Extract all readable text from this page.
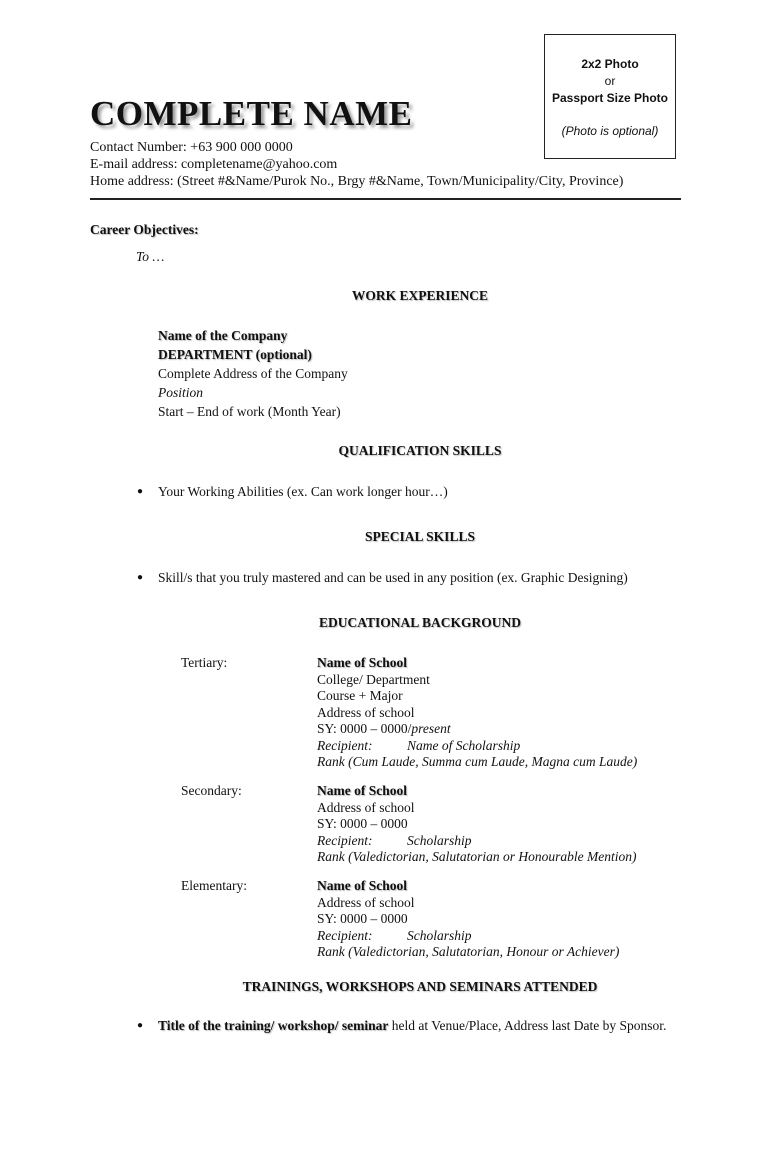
2x2 Photo
or
Passport Size Photo
(Photo is optional)
COMPLETE NAME
Contact Number: +63 900 000 0000
E-mail address: completename@yahoo.com
Home address: (Street #&Name/Purok No., Brgy #&Name, Town/Municipality/City, Province)
Career Objectives:
To …
WORK EXPERIENCE
Name of the Company
DEPARTMENT (optional)
Complete Address of the Company
Position
Start – End of work (Month Year)
QUALIFICATION SKILLS
● Your Working Abilities (ex. Can work longer hour…)
SPECIAL SKILLS
● Skill/s that you truly mastered and can be used in any position (ex. Graphic Designing)
EDUCATIONAL BACKGROUND
Tertiary:	Name of School
College/ Department
Course + Major
Address of school
SY: 0000 – 0000/present
Recipient:	Name of Scholarship
Rank (Cum Laude, Summa cum Laude, Magna cum Laude)
Secondary:	Name of School
Address of school
SY: 0000 – 0000
Recipient:	Scholarship
Rank (Valedictorian, Salutatorian or Honourable Mention)
Elementary:	Name of School
Address of school
SY: 0000 – 0000
Recipient:	Scholarship
Rank (Valedictorian, Salutatorian, Honour or Achiever)
TRAININGS, WORKSHOPS AND SEMINARS ATTENDED
● Title of the training/ workshop/ seminar held at Venue/Place, Address last Date by Sponsor.
